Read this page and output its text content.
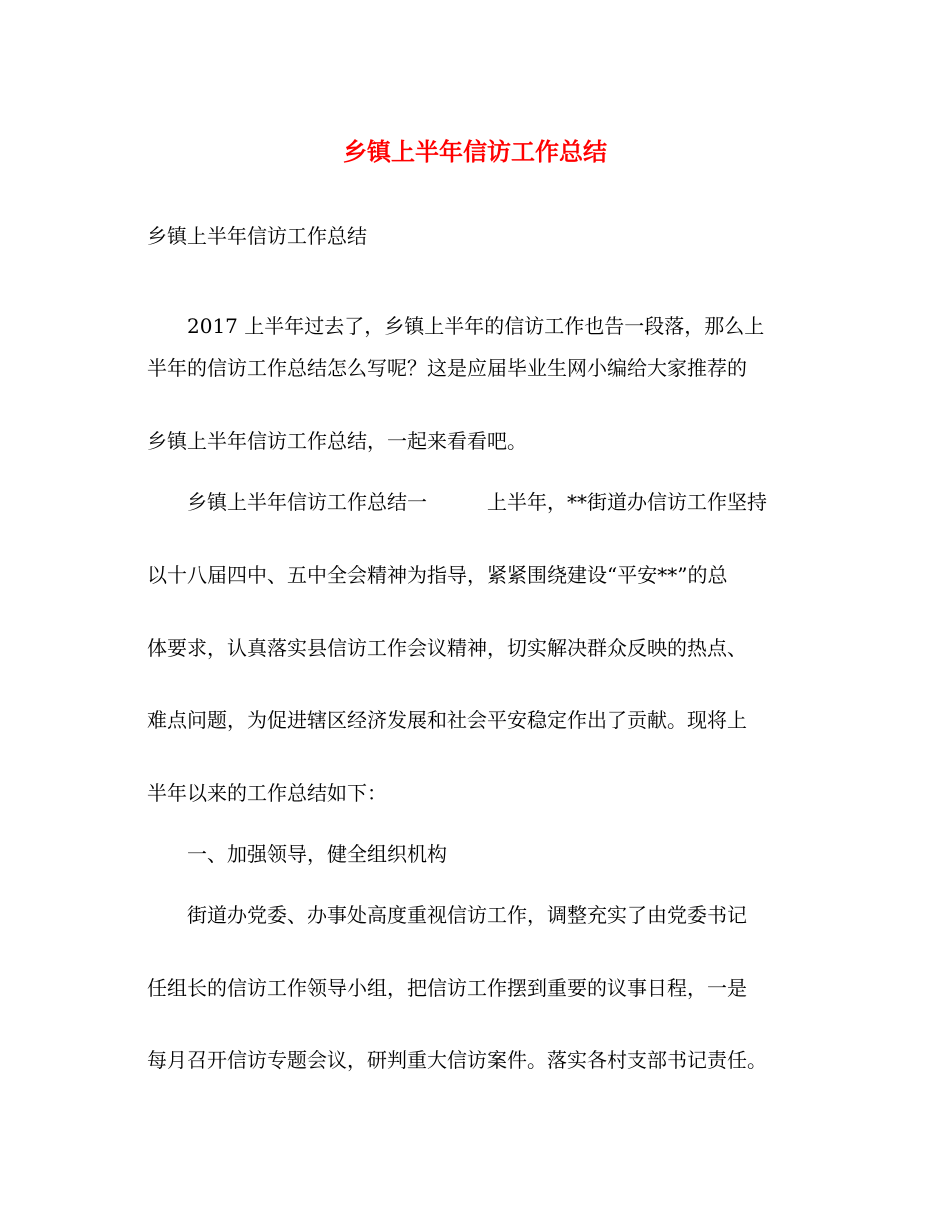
乡镇上半年信访工作总结
乡镇上半年信访工作总结
2017 上半年过去了，乡镇上半年的信访工作也告一段落，那么上
半年的信访工作总结怎么写呢？这是应届毕业生网小编给大家推荐的
乡镇上半年信访工作总结，一起来看看吧。
乡镇上半年信访工作总结一　　　上半年，**街道办信访工作坚持
以十八届四中、五中全会精神为指导，紧紧围绕建设“平安**”的总
体要求，认真落实县信访工作会议精神，切实解决群众反映的热点、
难点问题，为促进辖区经济发展和社会平安稳定作出了贡献。现将上
半年以来的工作总结如下：
一、加强领导，健全组织机构
街道办党委、办事处高度重视信访工作，调整充实了由党委书记
任组长的信访工作领导小组，把信访工作摆到重要的议事日程，一是
每月召开信访专题会议，研判重大信访案件。落实各村支部书记责任。
